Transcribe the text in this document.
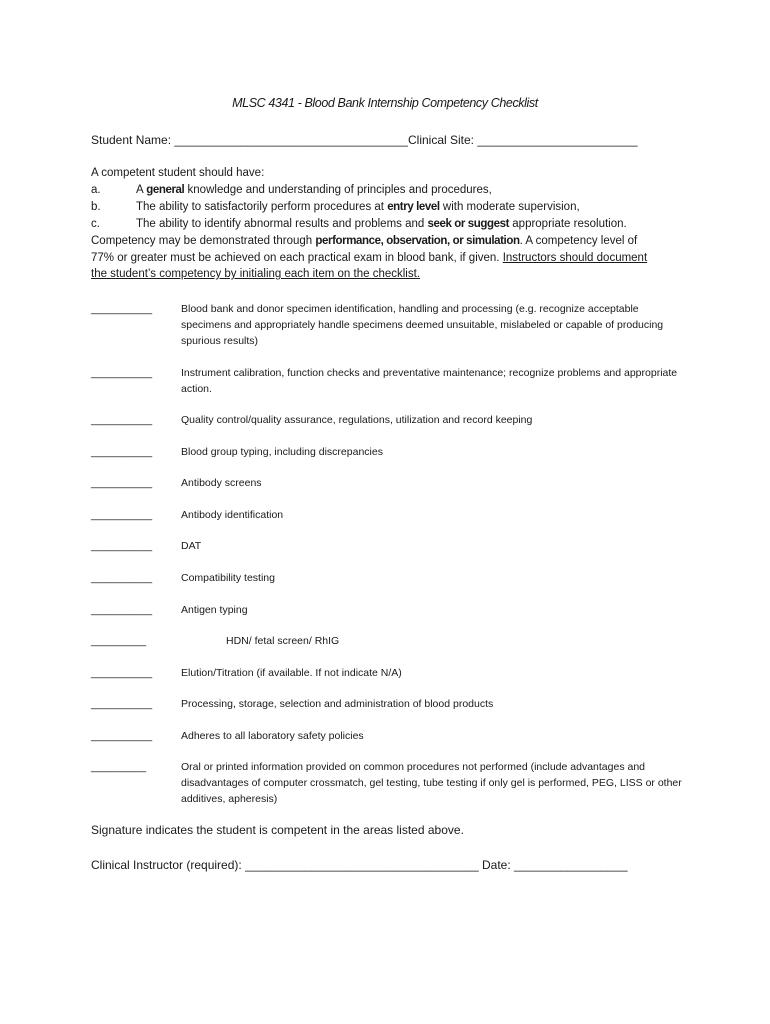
MLSC 4341 - Blood Bank Internship Competency Checklist
Student Name: ___________________________________Clinical Site: ________________________
A competent student should have:
a.	A general knowledge and understanding of principles and procedures,
b.	The ability to satisfactorily perform procedures at entry level with moderate supervision,
c.	The ability to identify abnormal results and problems and seek or suggest appropriate resolution.
Competency may be demonstrated through performance, observation, or simulation. A competency level of
77% or greater must be achieved on each practical exam in blood bank, if given. Instructors should document
the student’s competency by initialing each item on the checklist.
__________	Blood bank and donor specimen identification, handling and processing (e.g. recognize acceptable specimens and appropriately handle specimens deemed unsuitable, mislabeled or capable of producing spurious results)
__________	Instrument calibration, function checks and preventative maintenance; recognize problems and appropriate action.
__________	Quality control/quality assurance, regulations, utilization and record keeping
__________	Blood group typing, including discrepancies
__________	Antibody screens
__________	Antibody identification
__________	DAT
__________	Compatibility testing
__________	Antigen typing
_________	HDN/ fetal screen/ RhIG
__________	Elution/Titration (if available. If not indicate N/A)
__________	Processing, storage, selection and administration of blood products
__________	Adheres to all laboratory safety policies
_________	Oral or printed information provided on common procedures not performed (include advantages and disadvantages of computer crossmatch, gel testing, tube testing if only gel is performed, PEG, LISS or other additives, apheresis)
Signature indicates the student is competent in the areas listed above.
Clinical Instructor (required): ___________________________________ Date: _________________
